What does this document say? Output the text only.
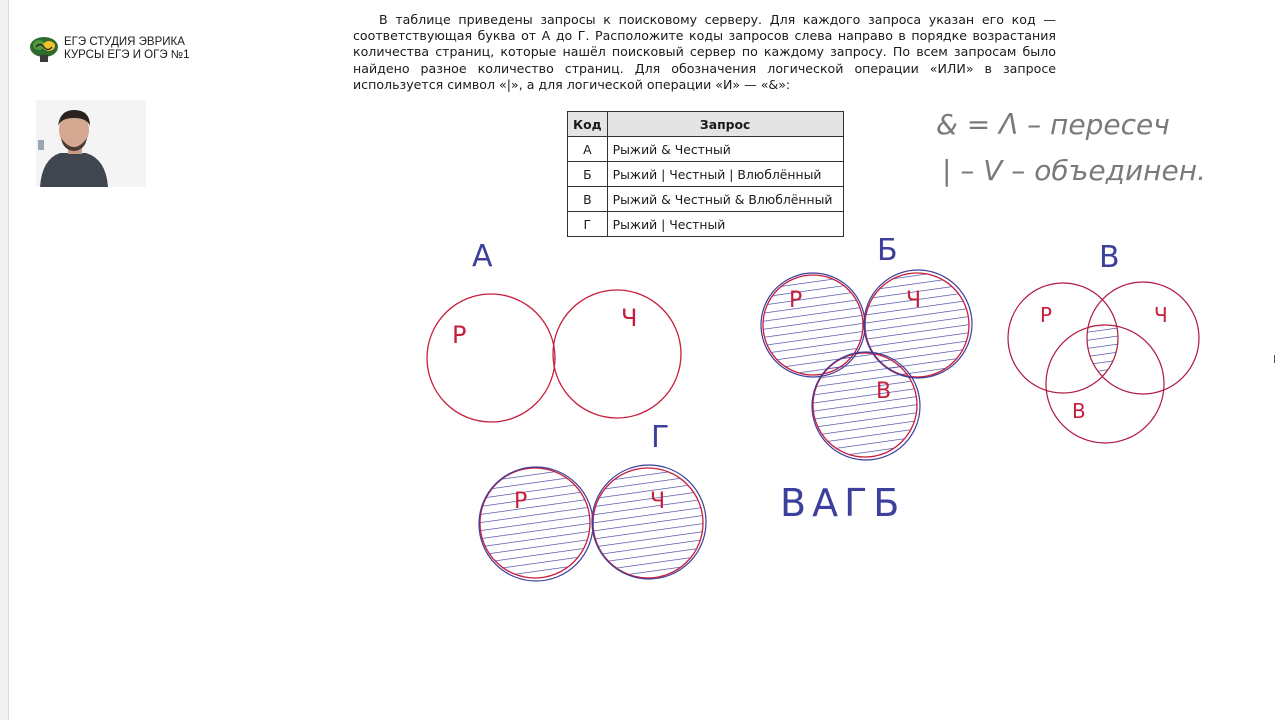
ЕГЭ СТУДИЯ ЭВРИКА
КУРСЫ ЕГЭ И ОГЭ №1
В таблице приведены запросы к поисковому серверу. Для каждого запроса указан его код — соответствующая буква от А до Г. Расположите коды запросов слева направо в порядке возрастания количества страниц, которые нашёл поисковый сервер по каждому запросу. По всем запросам было найдено разное количество страниц. Для обозначения логической операции «ИЛИ» в запросе используется символ «|», а для логической операции «И» — «&»:
Код	Запрос
А	Рыжий & Честный
Б	Рыжий | Честный | Влюблённый
В	Рыжий & Честный & Влюблённый
Г	Рыжий | Честный
& = Λ – пересеч
| – V – объединен.
А
Р
Ч
Б
Р	Ч
В
В
Р	Ч
В
Г
Р	Ч	ВАГБ
